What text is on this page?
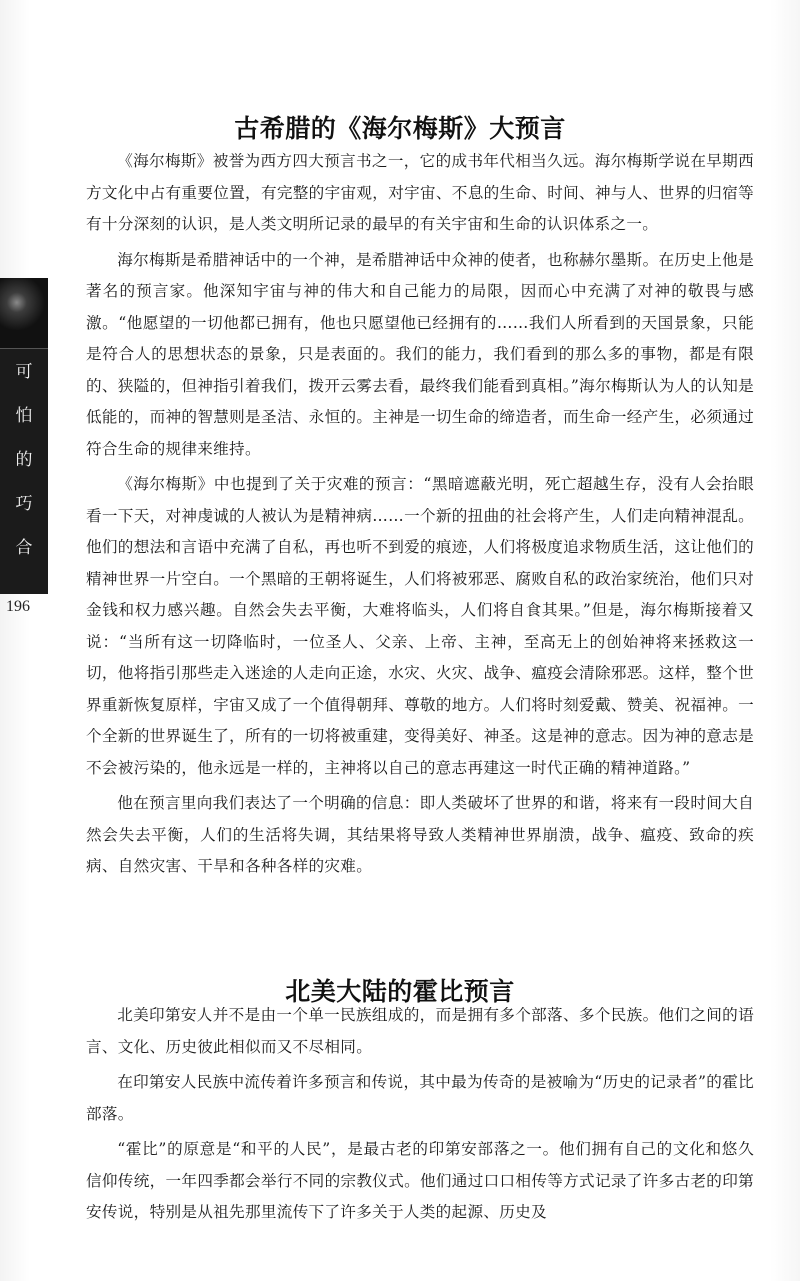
可
怕
的
巧
合
196
古希腊的《海尔梅斯》大预言

《海尔梅斯》被誉为西方四大预言书之一，它的成书年代相当久远。海尔梅斯学说在早期西方文化中占有重要位置，有完整的宇宙观，对宇宙、不息的生命、时间、神与人、世界的归宿等有十分深刻的认识，是人类文明所记录的最早的有关宇宙和生命的认识体系之一。

海尔梅斯是希腊神话中的一个神，是希腊神话中众神的使者，也称赫尔墨斯。在历史上他是著名的预言家。他深知宇宙与神的伟大和自己能力的局限，因而心中充满了对神的敬畏与感激。“他愿望的一切他都已拥有，他也只愿望他已经拥有的……我们人所看到的天国景象，只能是符合人的思想状态的景象，只是表面的。我们的能力，我们看到的那么多的事物，都是有限的、狭隘的，但神指引着我们，拨开云雾去看，最终我们能看到真相。”海尔梅斯认为人的认知是低能的，而神的智慧则是圣洁、永恒的。主神是一切生命的缔造者，而生命一经产生，必须通过符合生命的规律来维持。

《海尔梅斯》中也提到了关于灾难的预言：“黑暗遮蔽光明，死亡超越生存，没有人会抬眼看一下天，对神虔诚的人被认为是精神病……一个新的扭曲的社会将产生，人们走向精神混乱。他们的想法和言语中充满了自私，再也听不到爱的痕迹，人们将极度追求物质生活，这让他们的精神世界一片空白。一个黑暗的王朝将诞生，人们将被邪恶、腐败自私的政治家统治，他们只对金钱和权力感兴趣。自然会失去平衡，大难将临头，人们将自食其果。”但是，海尔梅斯接着又说：“当所有这一切降临时，一位圣人、父亲、上帝、主神，至高无上的创始神将来拯救这一切，他将指引那些走入迷途的人走向正途，水灾、火灾、战争、瘟疫会清除邪恶。这样，整个世界重新恢复原样，宇宙又成了一个值得朝拜、尊敬的地方。人们将时刻爱戴、赞美、祝福神。一个全新的世界诞生了，所有的一切将被重建，变得美好、神圣。这是神的意志。因为神的意志是不会被污染的，他永远是一样的，主神将以自己的意志再建这一时代正确的精神道路。”

他在预言里向我们表达了一个明确的信息：即人类破坏了世界的和谐，将来有一段时间大自然会失去平衡，人们的生活将失调，其结果将导致人类精神世界崩溃，战争、瘟疫、致命的疾病、自然灾害、干旱和各种各样的灾难。

北美大陆的霍比预言

北美印第安人并不是由一个单一民族组成的，而是拥有多个部落、多个民族。他们之间的语言、文化、历史彼此相似而又不尽相同。

在印第安人民族中流传着许多预言和传说，其中最为传奇的是被喻为“历史的记录者”的霍比部落。

“霍比”的原意是“和平的人民”，是最古老的印第安部落之一。他们拥有自己的文化和悠久信仰传统，一年四季都会举行不同的宗教仪式。他们通过口口相传等方式记录了许多古老的印第安传说，特别是从祖先那里流传下了许多关于人类的起源、历史及
